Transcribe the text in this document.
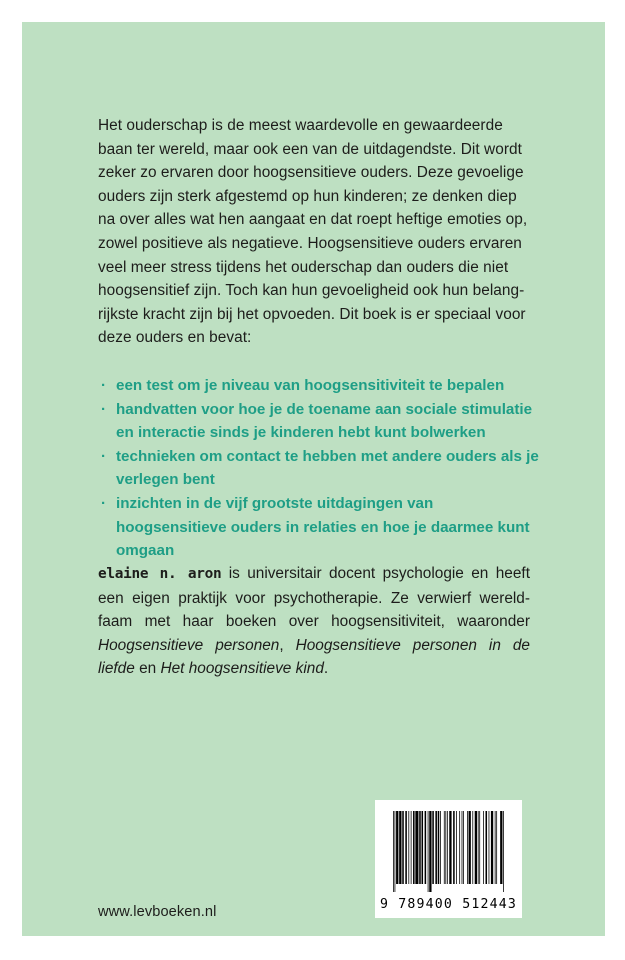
Het ouderschap is de meest waardevolle en gewaardeerde baan ter wereld, maar ook een van de uitdagendste. Dit wordt zeker zo ervaren door hoogsensitieve ouders. Deze gevoelige ouders zijn sterk afgestemd op hun kinderen; ze denken diep na over alles wat hen aangaat en dat roept heftige emoties op, zowel positieve als negatieve. Hoogsensitieve ouders ervaren veel meer stress tijdens het ouderschap dan ouders die niet hoogsensitief zijn. Toch kan hun gevoeligheid ook hun belang-rijkste kracht zijn bij het opvoeden. Dit boek is er speciaal voor deze ouders en bevat:

· een test om je niveau van hoogsensitiviteit te bepalen
· handvatten voor hoe je de toename aan sociale stimulatie en interactie sinds je kinderen hebt kunt bolwerken
· technieken om contact te hebben met andere ouders als je verlegen bent
· inzichten in de vijf grootste uitdagingen van hoogsensitieve ouders in relaties en hoe je daarmee kunt omgaan

elaine n. aron is universitair docent psychologie en heeft een eigen praktijk voor psychotherapie. Ze verwierf wereld-faam met haar boeken over hoogsensitiviteit, waaronder Hoogsensitieve personen, Hoogsensitieve personen in de liefde en Het hoogsensitieve kind.

www.levboeken.nl	9 789400 512443
